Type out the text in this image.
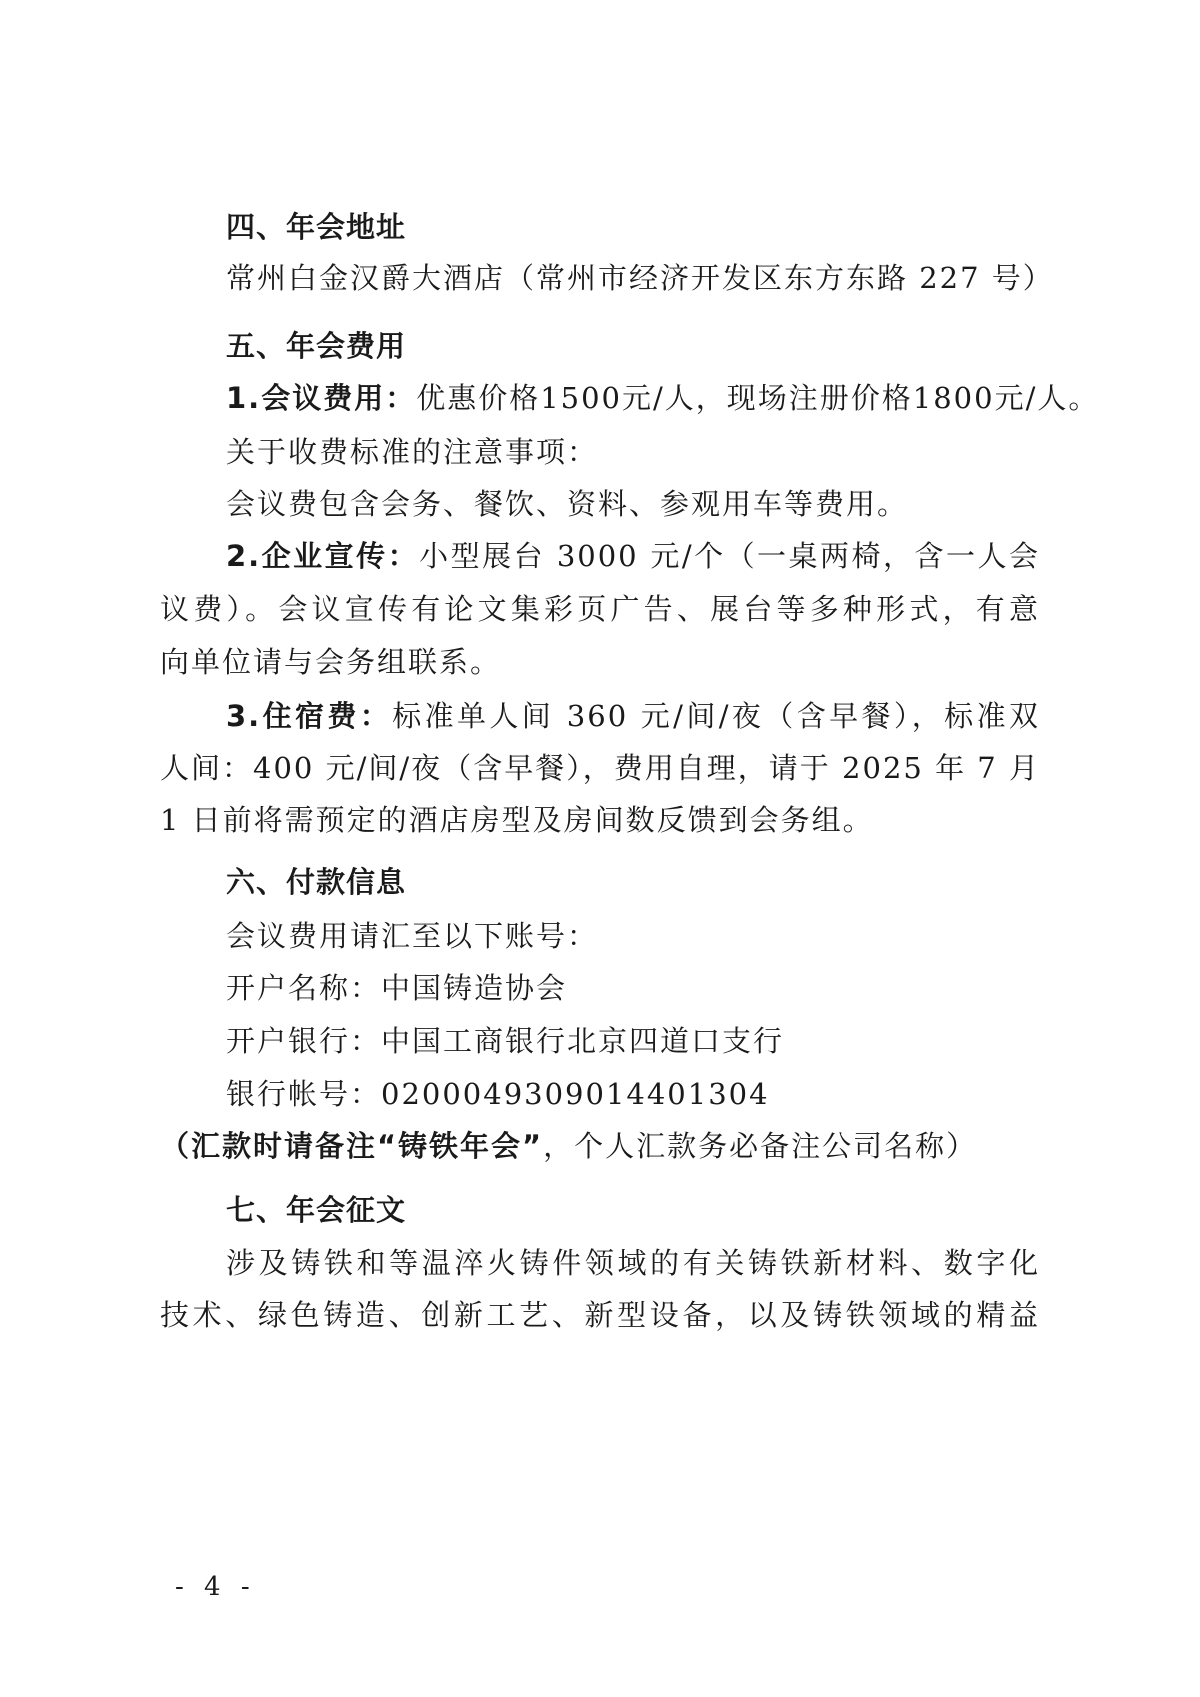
四、年会地址
常州白金汉爵大酒店（常州市经济开发区东方东路 227 号）
五、年会费用
1.会议费用：优惠价格1500元/人，现场注册价格1800元/人。
关于收费标准的注意事项：
会议费包含会务、餐饮、资料、参观用车等费用。
2.企业宣传：小型展台 3000 元/个（一桌两椅，含一人会
议费）。会议宣传有论文集彩页广告、展台等多种形式，有意
向单位请与会务组联系。
3.住宿费：标准单人间 360 元/间/夜（含早餐），标准双
人间：400 元/间/夜（含早餐），费用自理，请于 2025 年 7 月
1 日前将需预定的酒店房型及房间数反馈到会务组。
六、付款信息
会议费用请汇至以下账号：
开户名称：中国铸造协会
开户银行：中国工商银行北京四道口支行
银行帐号：0200049309014401304
（汇款时请备注“铸铁年会”，个人汇款务必备注公司名称）
七、年会征文
涉及铸铁和等温淬火铸件领域的有关铸铁新材料、数字化
技术、绿色铸造、创新工艺、新型设备，以及铸铁领域的精益
- 4 -
